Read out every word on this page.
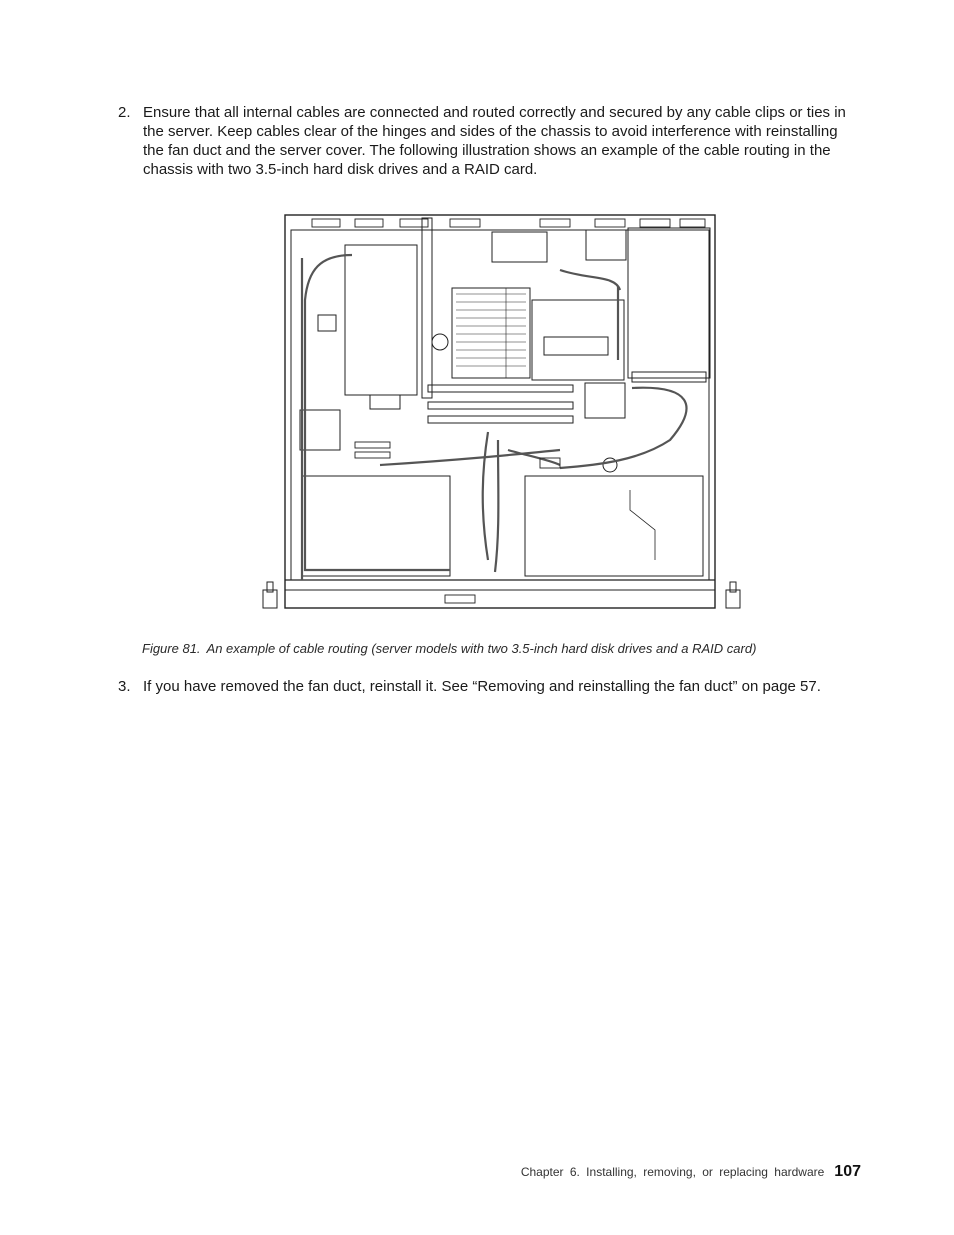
2. Ensure that all internal cables are connected and routed correctly and secured by any cable clips or ties in the server. Keep cables clear of the hinges and sides of the chassis to avoid interference with reinstalling the fan duct and the server cover. The following illustration shows an example of the cable routing in the chassis with two 3.5-inch hard disk drives and a RAID card.
Figure 81. An example of cable routing (server models with two 3.5-inch hard disk drives and a RAID card)
3. If you have removed the fan duct, reinstall it. See “Removing and reinstalling the fan duct” on page 57.
Chapter 6. Installing, removing, or replacing hardware 107
